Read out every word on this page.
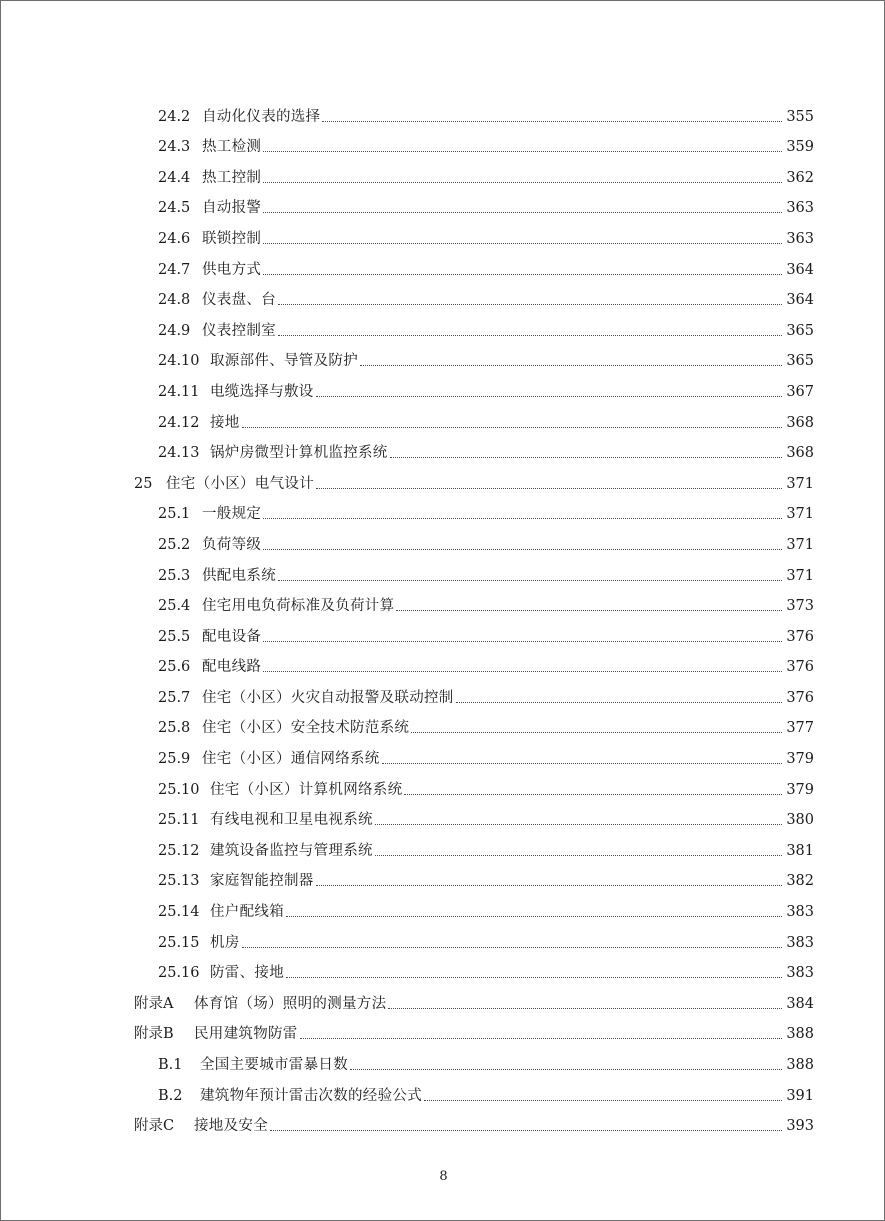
24.2 自动化仪表的选择	355
24.3 热工检测	359
24.4 热工控制	362
24.5 自动报警	363
24.6 联锁控制	363
24.7 供电方式	364
24.8 仪表盘、台	364
24.9 仪表控制室	365
24.10 取源部件、导管及防护	365
24.11 电缆选择与敷设	367
24.12 接地	368
24.13 锅炉房微型计算机监控系统	368
25 住宅（小区）电气设计	371
25.1 一般规定	371
25.2 负荷等级	371
25.3 供配电系统	371
25.4 住宅用电负荷标准及负荷计算	373
25.5 配电设备	376
25.6 配电线路	376
25.7 住宅（小区）火灾自动报警及联动控制	376
25.8 住宅（小区）安全技术防范系统	377
25.9 住宅（小区）通信网络系统	379
25.10 住宅（小区）计算机网络系统	379
25.11 有线电视和卫星电视系统	380
25.12 建筑设备监控与管理系统	381
25.13 家庭智能控制器	382
25.14 住户配线箱	383
25.15 机房	383
25.16 防雷、接地	383
附录A	体育馆（场）照明的测量方法	384
附录B	民用建筑物防雷	388
B.1	全国主要城市雷暴日数	388
B.2	建筑物年预计雷击次数的经验公式	391
附录C	接地及安全	393
8
